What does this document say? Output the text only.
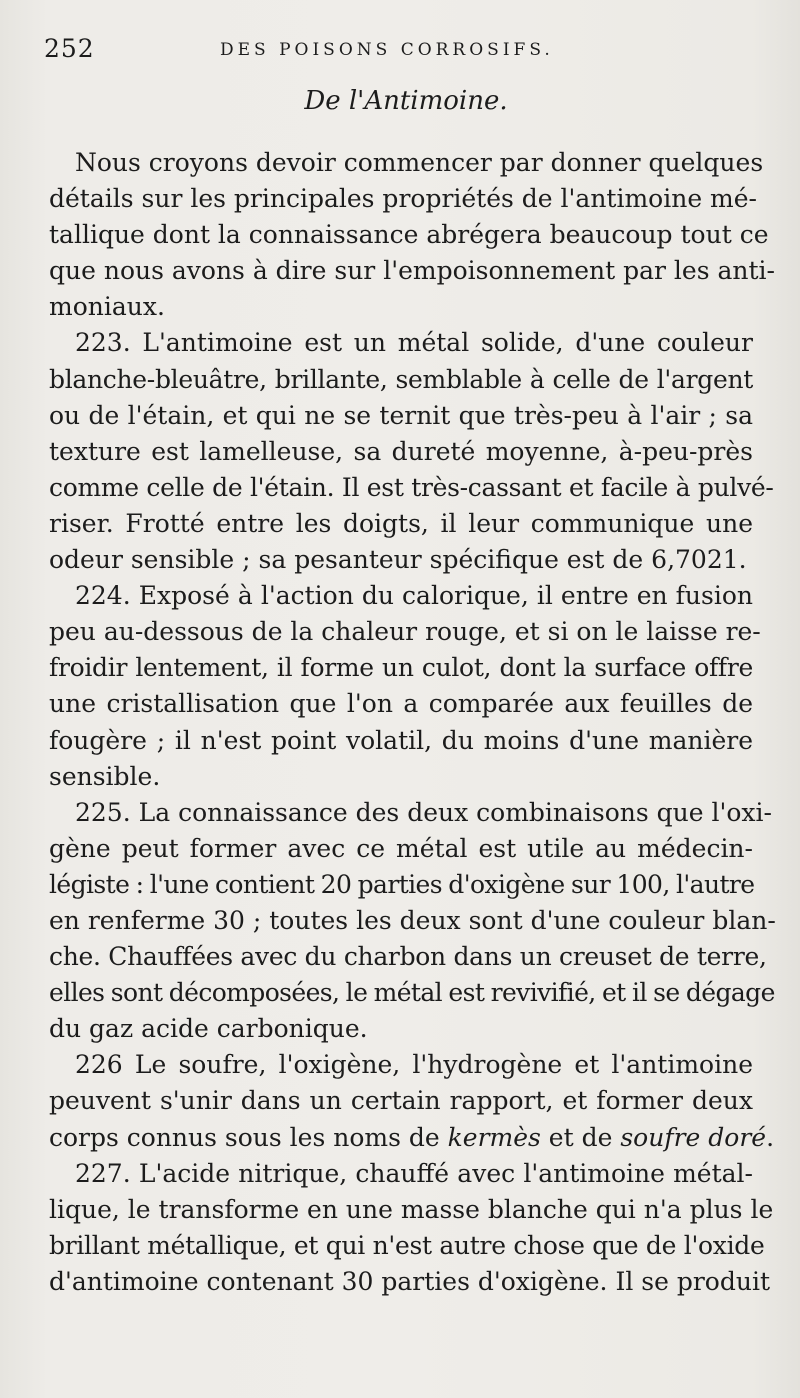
252	DES POISONS CORROSIFS.
De l'Antimoine.
Nous croyons devoir commencer par donner quelques
détails sur les principales propriétés de l'antimoine mé-
tallique dont la connaissance abrégera beaucoup tout ce
que nous avons à dire sur l'empoisonnement par les anti-
moniaux.
223. L'antimoine est un métal solide, d'une couleur
blanche-bleuâtre, brillante, semblable à celle de l'argent
ou de l'étain, et qui ne se ternit que très-peu à l'air ; sa
texture est lamelleuse, sa dureté moyenne, à-peu-près
comme celle de l'étain. Il est très-cassant et facile à pulvé-
riser. Frotté entre les doigts, il leur communique une
odeur sensible ; sa pesanteur spécifique est de 6,7021.
224. Exposé à l'action du calorique, il entre en fusion
peu au-dessous de la chaleur rouge, et si on le laisse re-
froidir lentement, il forme un culot, dont la surface offre
une cristallisation que l'on a comparée aux feuilles de
fougère ; il n'est point volatil, du moins d'une manière
sensible.
225. La connaissance des deux combinaisons que l'oxi-
gène peut former avec ce métal est utile au médecin-
légiste : l'une contient 20 parties d'oxigène sur 100, l'autre
en renferme 30 ; toutes les deux sont d'une couleur blan-
che. Chauffées avec du charbon dans un creuset de terre,
elles sont décomposées, le métal est revivifié, et il se dégage
du gaz acide carbonique.
226 Le soufre, l'oxigène, l'hydrogène et l'antimoine
peuvent s'unir dans un certain rapport, et former deux
corps connus sous les noms de kermès et de soufre doré.
227. L'acide nitrique, chauffé avec l'antimoine métal-
lique, le transforme en une masse blanche qui n'a plus le
brillant métallique, et qui n'est autre chose que de l'oxide
d'antimoine contenant 30 parties d'oxigène. Il se produit
